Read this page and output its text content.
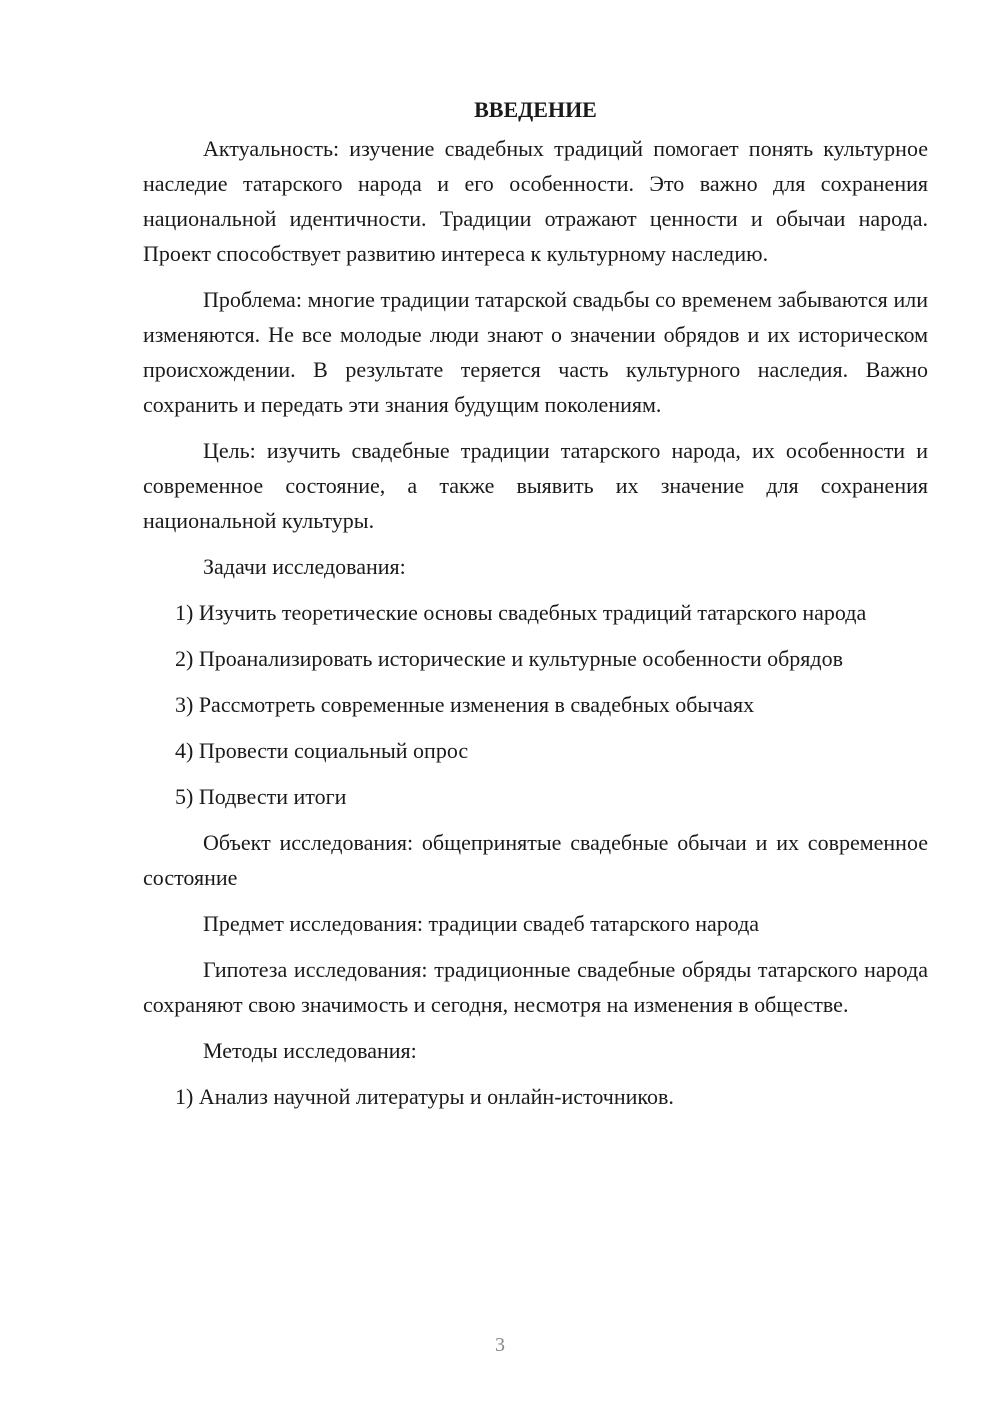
ВВЕДЕНИЕ

Актуальность: изучение свадебных традиций помогает понять культурное наследие татарского народа и его особенности. Это важно для сохранения национальной идентичности. Традиции отражают ценности и обычаи народа. Проект способствует развитию интереса к культурному наследию.

Проблема: многие традиции татарской свадьбы со временем забываются или изменяются. Не все молодые люди знают о значении обрядов и их историческом происхождении. В результате теряется часть культурного наследия. Важно сохранить и передать эти знания будущим поколениям.

Цель: изучить свадебные традиции татарского народа, их особенности и современное состояние, а также выявить их значение для сохранения национальной культуры.

Задачи исследования:

1) Изучить теоретические основы свадебных традиций татарского народа

2) Проанализировать исторические и культурные особенности обрядов

3) Рассмотреть современные изменения в свадебных обычаях

4) Провести социальный опрос

5) Подвести итоги

Объект исследования: общепринятые свадебные обычаи и их современное состояние

Предмет исследования: традиции свадеб татарского народа

Гипотеза исследования: традиционные свадебные обряды татарского народа сохраняют свою значимость и сегодня, несмотря на изменения в обществе.

Методы исследования:

1) Анализ научной литературы и онлайн-источников.

3
